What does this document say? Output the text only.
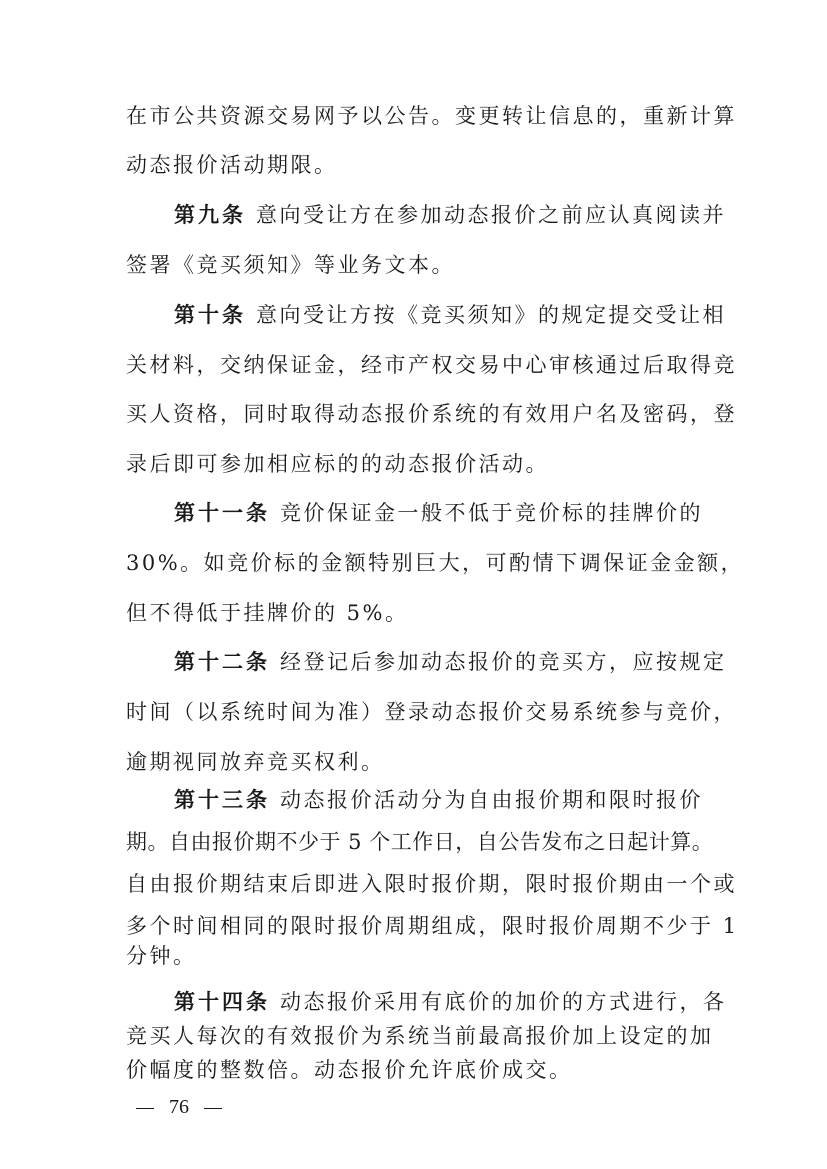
在市公共资源交易网予以公告。变更转让信息的，重新计算
动态报价活动期限。
第九条 意向受让方在参加动态报价之前应认真阅读并
签署《竞买须知》等业务文本。
第十条 意向受让方按《竞买须知》的规定提交受让相
关材料，交纳保证金，经市产权交易中心审核通过后取得竞
买人资格，同时取得动态报价系统的有效用户名及密码，登
录后即可参加相应标的的动态报价活动。
第十一条 竞价保证金一般不低于竞价标的挂牌价的
30%。如竞价标的金额特别巨大，可酌情下调保证金金额，
但不得低于挂牌价的 5%。
第十二条 经登记后参加动态报价的竞买方，应按规定
时间（以系统时间为准）登录动态报价交易系统参与竞价，
逾期视同放弃竞买权利。
第十三条 动态报价活动分为自由报价期和限时报价
期。自由报价期不少于 5 个工作日，自公告发布之日起计算。
自由报价期结束后即进入限时报价期，限时报价期由一个或
多个时间相同的限时报价周期组成，限时报价周期不少于 1
分钟。
第十四条 动态报价采用有底价的加价的方式进行，各
竞买人每次的有效报价为系统当前最高报价加上设定的加
价幅度的整数倍。动态报价允许底价成交。
76
